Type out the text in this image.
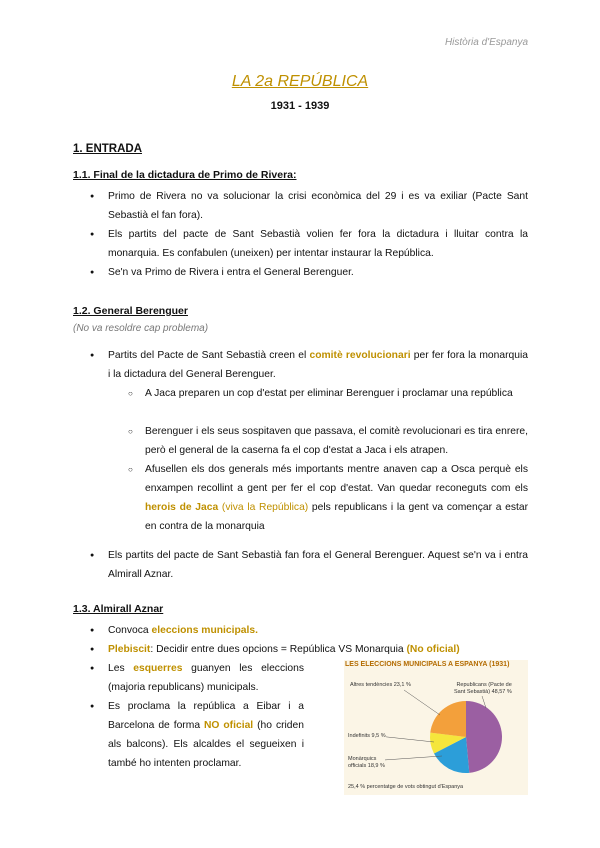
Història d'Espanya
LA 2a REPÚBLICA
1931 - 1939
1. ENTRADA
1.1. Final de la dictadura de Primo de Rivera:
● Primo de Rivera no va solucionar la crisi econòmica del 29 i es va exiliar (Pacte Sant Sebastià el fan fora).
● Els partits del pacte de Sant Sebastià volien fer fora la dictadura i lluitar contra la monarquia. Es confabulen (uneixen) per intentar instaurar la República.
● Se'n va Primo de Rivera i entra el General Berenguer.
1.2. General Berenguer
(No va resoldre cap problema)
● Partits del Pacte de Sant Sebastià creen el comitè revolucionari per fer fora la monarquia i la dictadura del General Berenguer.
○ A Jaca preparen un cop d'estat per eliminar Berenguer i proclamar una república
○ Berenguer i els seus sospitaven que passava, el comitè revolucionari es tira enrere, però el general de la caserna fa el cop d'estat a Jaca i els atrapen.
○ Afusellen els dos generals més importants mentre anaven cap a Osca perquè els enxampen recollint a gent per fer el cop d'estat. Van quedar reconeguts com els herois de Jaca (viva la República) pels republicans i la gent va començar a estar en contra de la monarquia
● Els partits del pacte de Sant Sebastià fan fora el General Berenguer. Aquest se'n va i entra Almirall Aznar.
1.3. Almirall Aznar
● Convoca eleccions municipals.
● Plebiscit: Decidir entre dues opcions = República VS Monarquia (No oficial)
● Les esquerres guanyen les eleccions (majoria republicans) municipals.
● Es proclama la república a Eibar i a Barcelona de forma NO oficial (ho criden als balcons). Els alcaldes el segueixen i també ho intenten proclamar.
LES ELECCIONS MUNICIPALS A ESPANYA (1931)
Altres tendències 23,1 %	Republicans (Pacte de
Sant Sebastià) 48,57 %
Indefinits 9,5 %
Monàrquics
officials 18,9 %
25,4 % percentatge de vots obtingut d'Espanya
